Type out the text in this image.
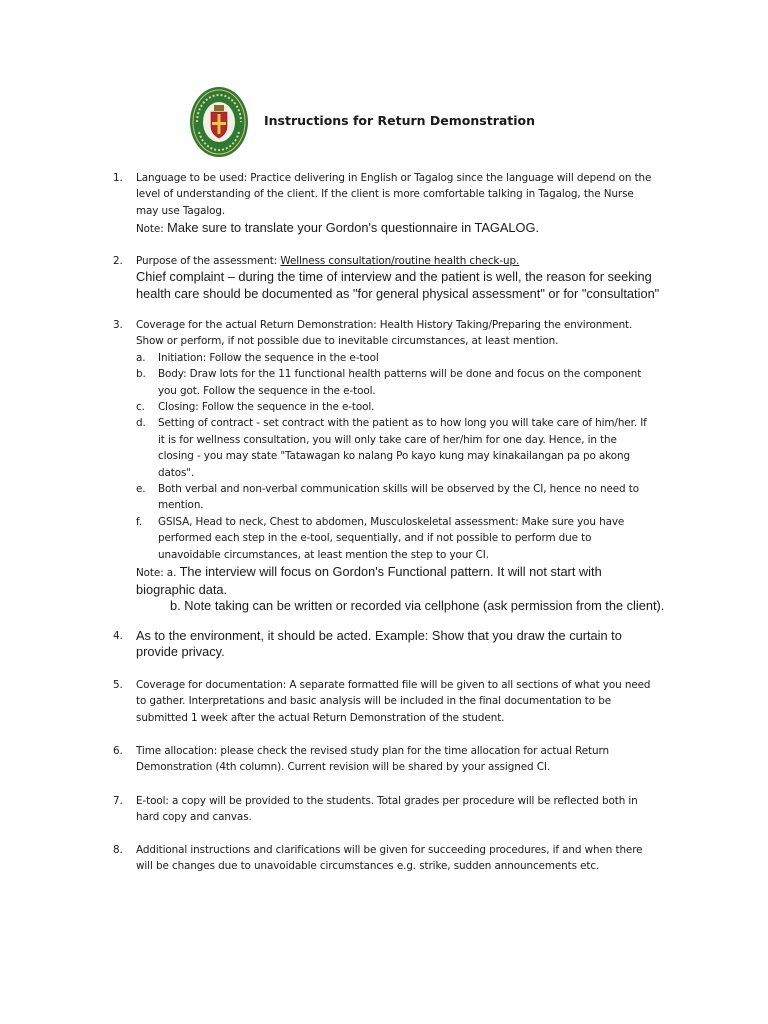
Instructions for Return Demonstration
1.	Language to be used: Practice delivering in English or Tagalog since the language will depend on the
level of understanding of the client. If the client is more comfortable talking in Tagalog, the Nurse
may use Tagalog.
Note: Make sure to translate your Gordon's questionnaire in TAGALOG.
2.	Purpose of the assessment: Wellness consultation/routine health check-up.
Chief complaint – during the time of interview and the patient is well, the reason for seeking
health care should be documented as "for general physical assessment" or for "consultation"
3.	Coverage for the actual Return Demonstration: Health History Taking/Preparing the environment.
Show or perform, if not possible due to inevitable circumstances, at least mention.
a. Initiation: Follow the sequence in the e-tool
b. Body: Draw lots for the 11 functional health patterns will be done and focus on the component
you got. Follow the sequence in the e-tool.
c. Closing: Follow the sequence in the e-tool.
d. Setting of contract - set contract with the patient as to how long you will take care of him/her. If
it is for wellness consultation, you will only take care of her/him for one day. Hence, in the
closing - you may state "Tatawagan ko nalang Po kayo kung may kinakailangan pa po akong
datos".
e. Both verbal and non-verbal communication skills will be observed by the CI, hence no need to
mention.
f. GSISA, Head to neck, Chest to abdomen, Musculoskeletal assessment: Make sure you have
performed each step in the e-tool, sequentially, and if not possible to perform due to
unavoidable circumstances, at least mention the step to your CI.
Note: a. The interview will focus on Gordon's Functional pattern. It will not start with
biographic data.
b. Note taking can be written or recorded via cellphone (ask permission from the client).
4.	As to the environment, it should be acted. Example: Show that you draw the curtain to
provide privacy.
5.	Coverage for documentation: A separate formatted file will be given to all sections of what you need
to gather. Interpretations and basic analysis will be included in the final documentation to be
submitted 1 week after the actual Return Demonstration of the student.
6.	Time allocation: please check the revised study plan for the time allocation for actual Return
Demonstration (4th column). Current revision will be shared by your assigned CI.
7.	E-tool: a copy will be provided to the students. Total grades per procedure will be reflected both in
hard copy and canvas.
8.	Additional instructions and clarifications will be given for succeeding procedures, if and when there
will be changes due to unavoidable circumstances e.g. strike, sudden announcements etc.
